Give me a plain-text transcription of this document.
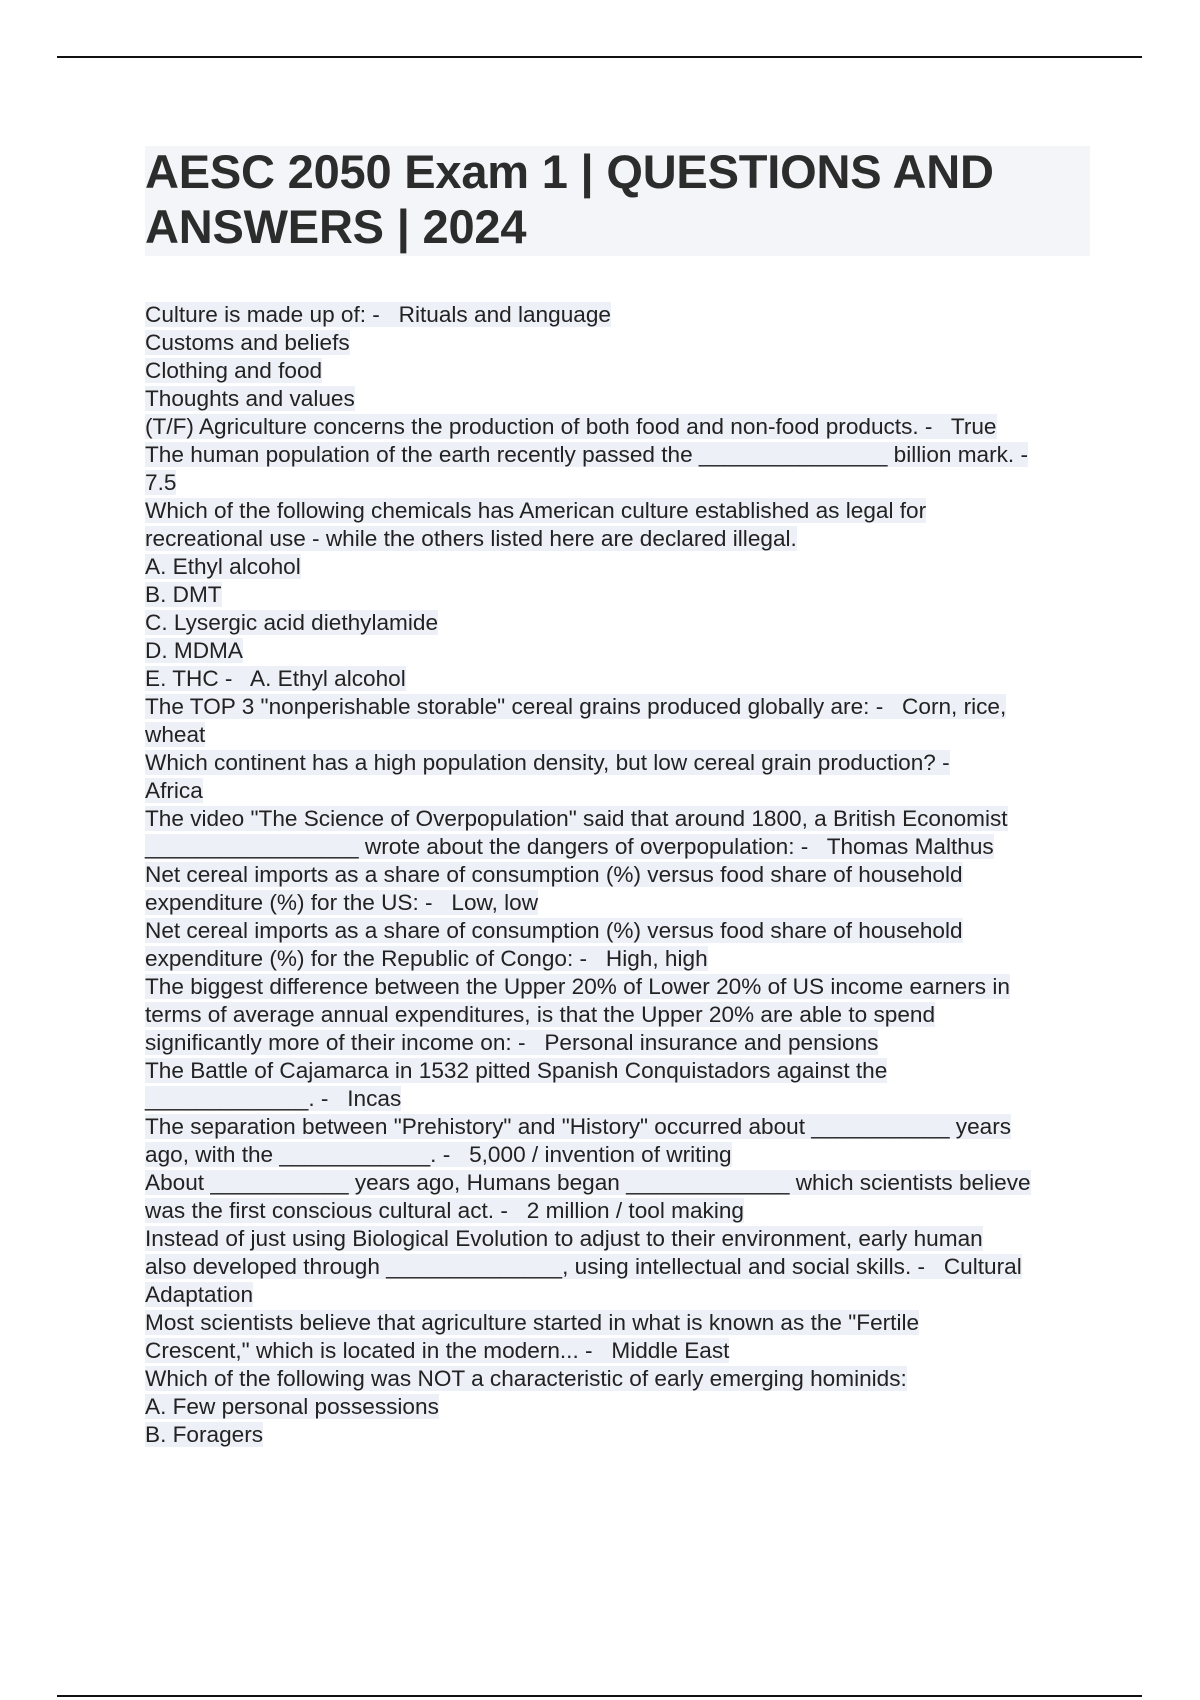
AESC 2050 Exam 1 | QUESTIONS AND
ANSWERS | 2024
Culture is made up of: -   Rituals and language
Customs and beliefs
Clothing and food
Thoughts and values
(T/F) Agriculture concerns the production of both food and non-food products. -   True
The human population of the earth recently passed the _______________ billion mark. -
7.5
Which of the following chemicals has American culture established as legal for
recreational use - while the others listed here are declared illegal.
A. Ethyl alcohol
B. DMT
C. Lysergic acid diethylamide
D. MDMA
E. THC -   A. Ethyl alcohol
The TOP 3 "nonperishable storable" cereal grains produced globally are: -   Corn, rice,
wheat
Which continent has a high population density, but low cereal grain production? -
Africa
The video "The Science of Overpopulation" said that around 1800, a British Economist
_________________ wrote about the dangers of overpopulation: -   Thomas Malthus
Net cereal imports as a share of consumption (%) versus food share of household
expenditure (%) for the US: -   Low, low
Net cereal imports as a share of consumption (%) versus food share of household
expenditure (%) for the Republic of Congo: -   High, high
The biggest difference between the Upper 20% of Lower 20% of US income earners in
terms of average annual expenditures, is that the Upper 20% are able to spend
significantly more of their income on: -   Personal insurance and pensions
The Battle of Cajamarca in 1532 pitted Spanish Conquistadors against the
_____________. -   Incas
The separation between "Prehistory" and "History" occurred about ___________ years
ago, with the ____________. -   5,000 / invention of writing
About ___________ years ago, Humans began _____________ which scientists believe
was the first conscious cultural act. -   2 million / tool making
Instead of just using Biological Evolution to adjust to their environment, early human
also developed through ______________, using intellectual and social skills. -   Cultural
Adaptation
Most scientists believe that agriculture started in what is known as the "Fertile
Crescent," which is located in the modern... -   Middle East
Which of the following was NOT a characteristic of early emerging hominids:
A. Few personal possessions
B. Foragers
